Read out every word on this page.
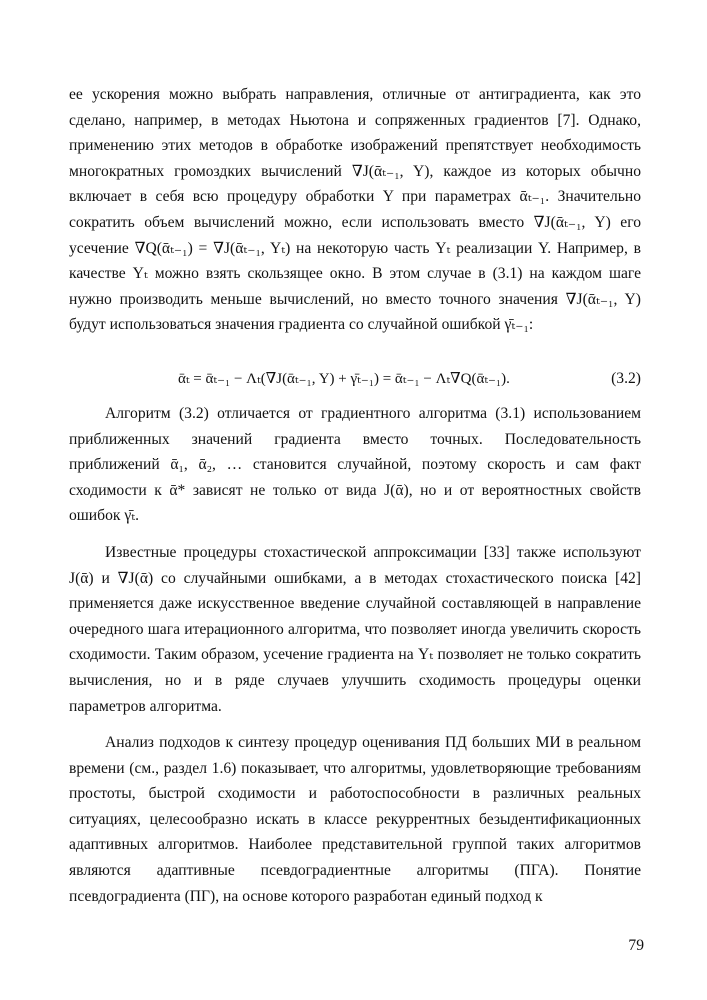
ее ускорения можно выбрать направления, отличные от антиградиента, как это сделано, например, в методах Ньютона и сопряженных градиентов [7]. Однако, применению этих методов в обработке изображений препятствует необходимость многократных громоздких вычислений ∇J(ᾱₜ₋₁, Y), каждое из которых обычно включает в себя всю процедуру обработки Y при параметрах ᾱₜ₋₁. Значительно сократить объем вычислений можно, если использовать вместо ∇J(ᾱₜ₋₁, Y) его усечение ∇Q(ᾱₜ₋₁) = ∇J(ᾱₜ₋₁, Yₜ) на некоторую часть Yₜ реализации Y. Например, в качестве Yₜ можно взять скользящее окно. В этом случае в (3.1) на каждом шаге нужно производить меньше вычислений, но вместо точного значения ∇J(ᾱₜ₋₁, Y) будут использоваться значения градиента со случайной ошибкой γ̄ₜ₋₁:

ᾱₜ = ᾱₜ₋₁ − Λₜ(∇J(ᾱₜ₋₁, Y) + γ̄ₜ₋₁) = ᾱₜ₋₁ − Λₜ∇Q(ᾱₜ₋₁).	(3.2)

Алгоритм (3.2) отличается от градиентного алгоритма (3.1) использованием приближенных значений градиента вместо точных. Последовательность приближений ᾱ₁, ᾱ₂, … становится случайной, поэтому скорость и сам факт сходимости к ᾱ* зависят не только от вида J(ᾱ), но и от вероятностных свойств ошибок γ̄ₜ.

Известные процедуры стохастической аппроксимации [33] также используют J(ᾱ) и ∇J(ᾱ) со случайными ошибками, а в методах стохастического поиска [42] применяется даже искусственное введение случайной составляющей в направление очередного шага итерационного алгоритма, что позволяет иногда увеличить скорость сходимости. Таким образом, усечение градиента на Yₜ позволяет не только сократить вычисления, но и в ряде случаев улучшить сходимость процедуры оценки параметров алгоритма.

Анализ подходов к синтезу процедур оценивания ПД больших МИ в реальном времени (см., раздел 1.6) показывает, что алгоритмы, удовлетворяющие требованиям простоты, быстрой сходимости и работоспособности в различных реальных ситуациях, целесообразно искать в классе рекуррентных безыдентификационных адаптивных алгоритмов. Наиболее представительной группой таких алгоритмов являются адаптивные псевдоградиентные алгоритмы (ПГА). Понятие псевдоградиента (ПГ), на основе которого разработан единый подход к

79
